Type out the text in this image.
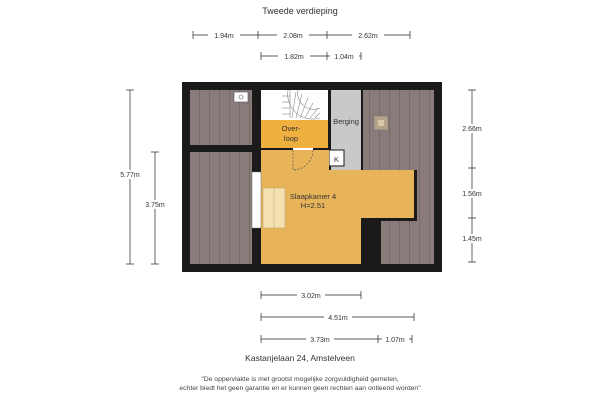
Tweede verdieping
Over-
loop
Berging
K
Slaapkamer 4
H=2.51
1.94m	2.08m	2.62m
1.82m	1.04m
5.77m
3.75m
2.66m
1.56m
1.45m
3.02m
4.51m
3.73m	1.07m
Kastanjelaan 24, Amstelveen
"De oppervlakte is met grootst mogelijke zorgvuldigheid gemeten,
echter biedt het geen garantie en er kunnen geen rechten aan ontleend worden"
